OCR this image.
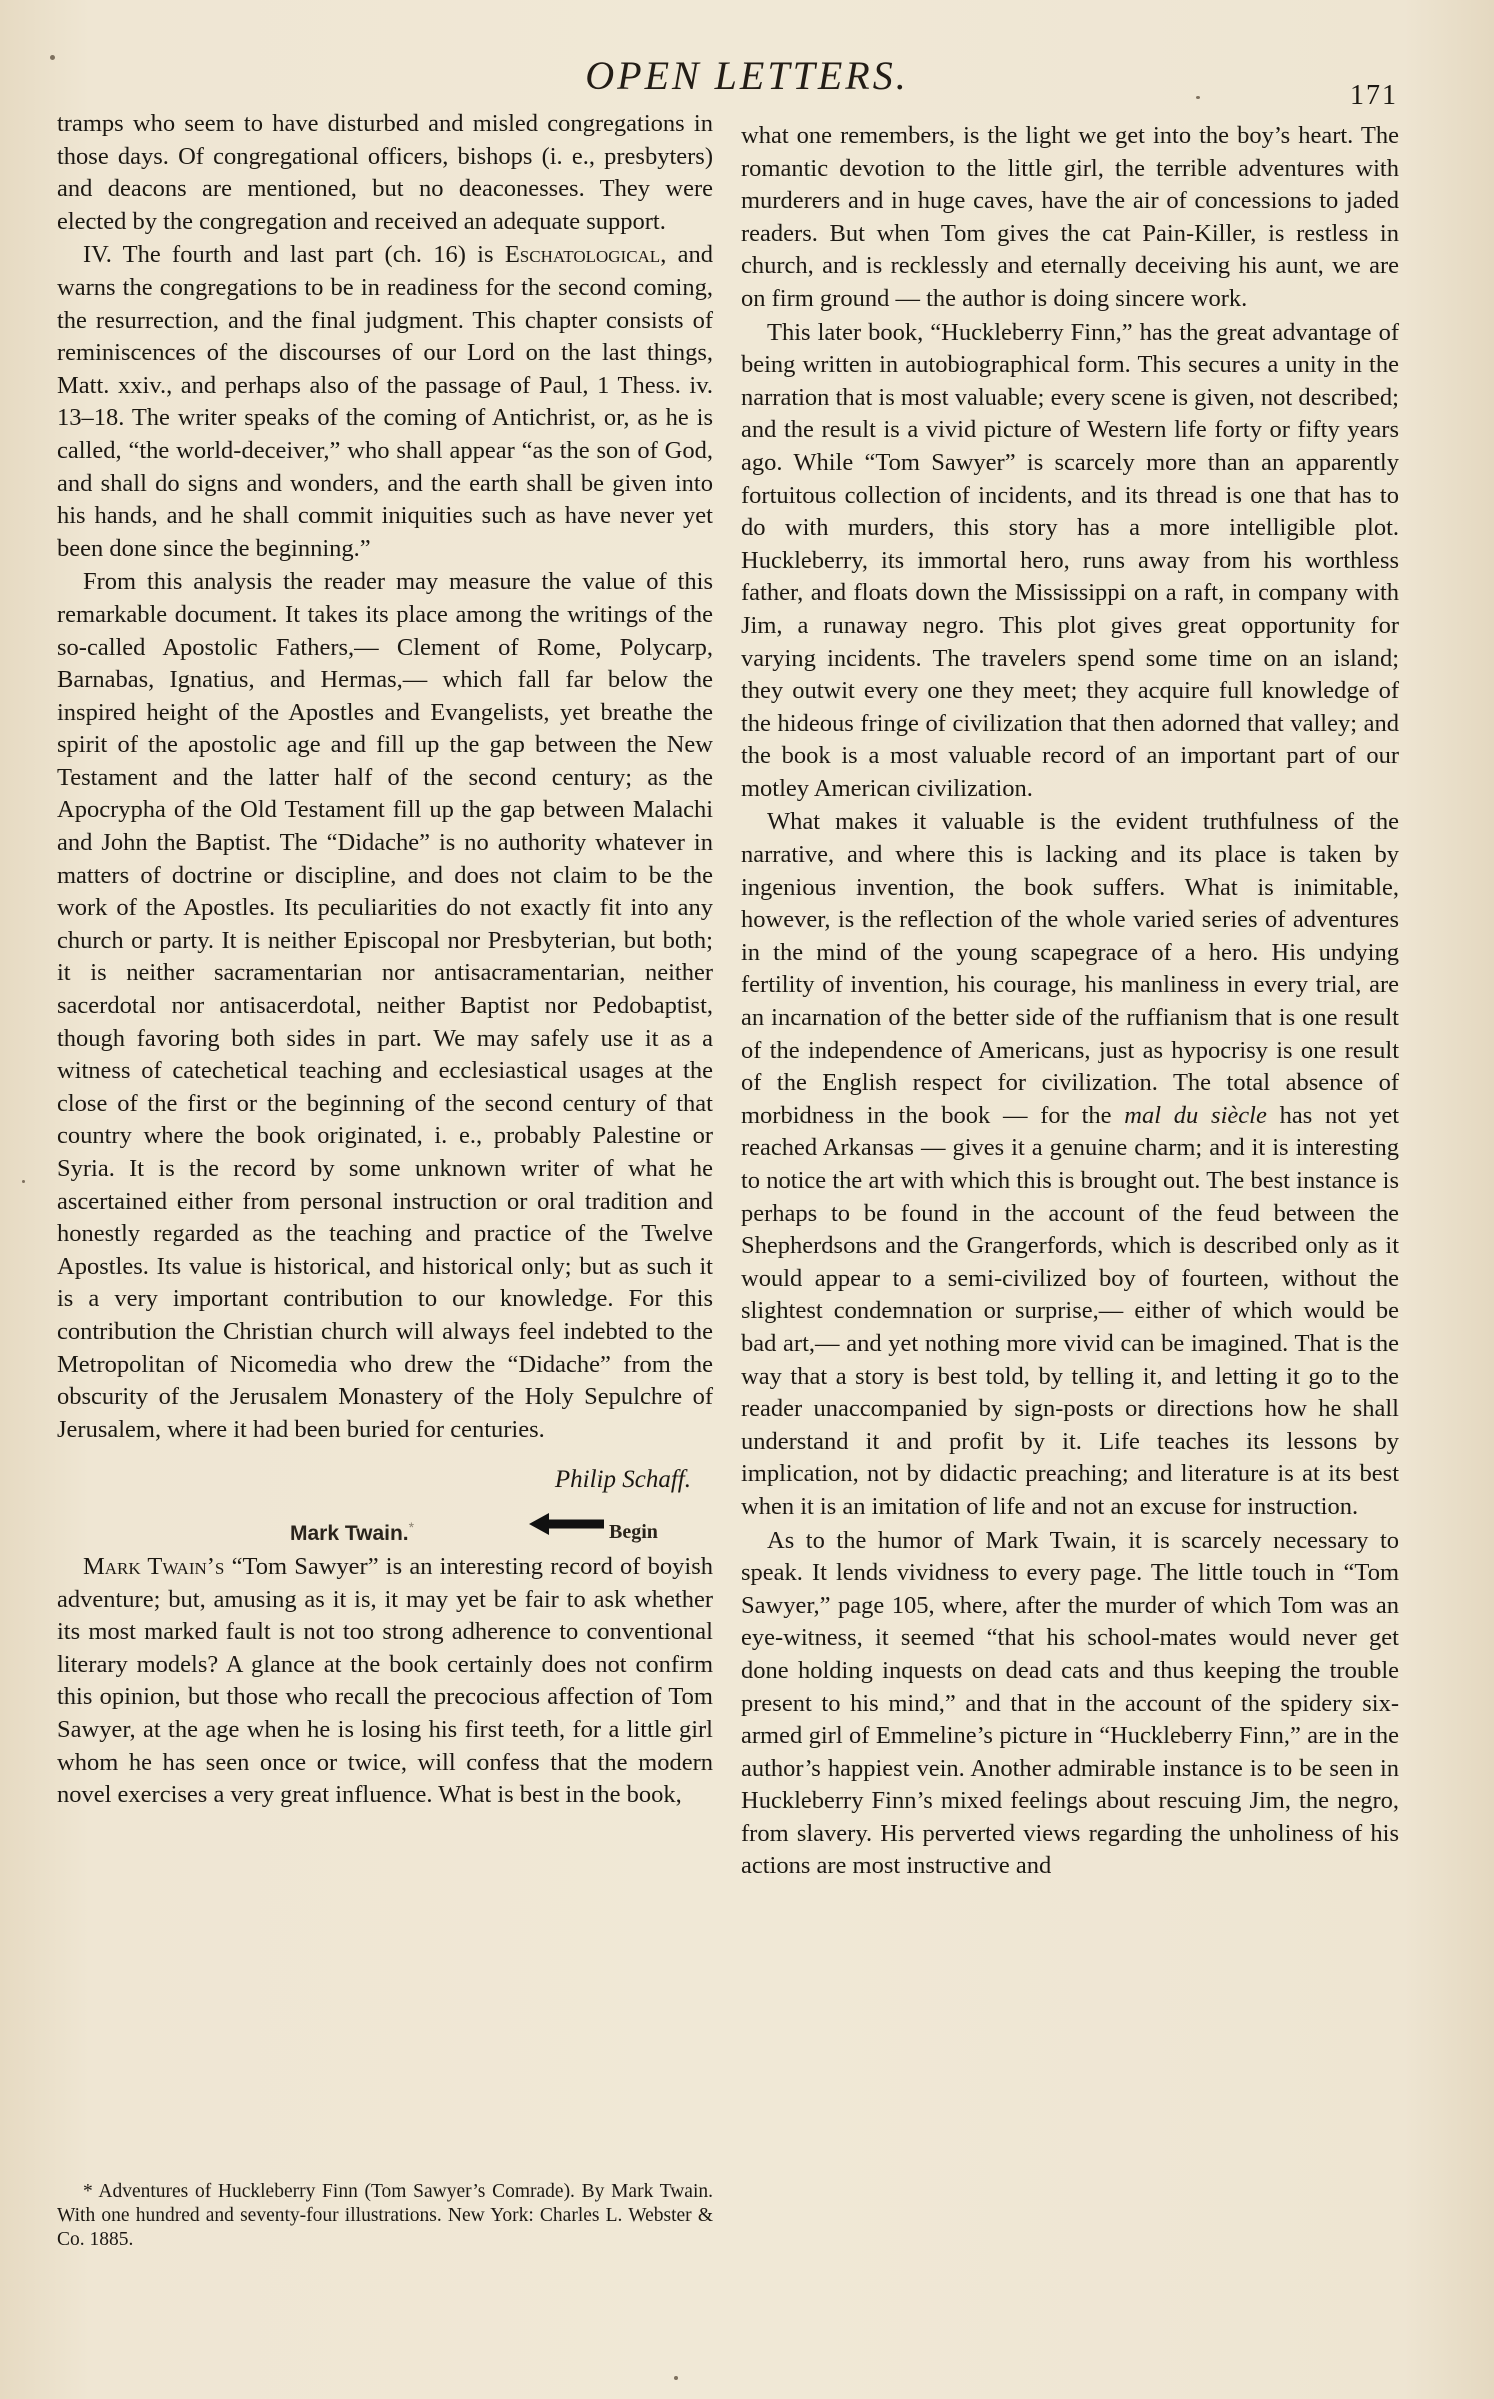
OPEN LETTERS.	171

tramps who seem to have disturbed and misled congregations in those days. Of congregational officers, bishops (i. e., presbyters) and deacons are mentioned, but no deaconesses. They were elected by the congregation and received an adequate support.

IV. The fourth and last part (ch. 16) is Eschatological, and warns the congregations to be in readiness for the second coming, the resurrection, and the final judgment. This chapter consists of reminiscences of the discourses of our Lord on the last things, Matt. xxiv., and perhaps also of the passage of Paul, 1 Thess. iv. 13–18. The writer speaks of the coming of Antichrist, or, as he is called, “the world-deceiver,” who shall appear “as the son of God, and shall do signs and wonders, and the earth shall be given into his hands, and he shall commit iniquities such as have never yet been done since the beginning.”

From this analysis the reader may measure the value of this remarkable document. It takes its place among the writings of the so-called Apostolic Fathers,— Clement of Rome, Polycarp, Barnabas, Ignatius, and Hermas,— which fall far below the inspired height of the Apostles and Evangelists, yet breathe the spirit of the apostolic age and fill up the gap between the New Testament and the latter half of the second century; as the Apocrypha of the Old Testament fill up the gap between Malachi and John the Baptist. The “Didache” is no authority whatever in matters of doctrine or discipline, and does not claim to be the work of the Apostles. Its peculiarities do not exactly fit into any church or party. It is neither Episcopal nor Presbyterian, but both; it is neither sacramentarian nor antisacramentarian, neither sacerdotal nor antisacerdotal, neither Baptist nor Pedobaptist, though favoring both sides in part. We may safely use it as a witness of catechetical teaching and ecclesiastical usages at the close of the first or the beginning of the second century of that country where the book originated, i. e., probably Palestine or Syria. It is the record by some unknown writer of what he ascertained either from personal instruction or oral tradition and honestly regarded as the teaching and practice of the Twelve Apostles. Its value is historical, and historical only; but as such it is a very important contribution to our knowledge. For this contribution the Christian church will always feel indebted to the Metropolitan of Nicomedia who drew the “Didache” from the obscurity of the Jerusalem Monastery of the Holy Sepulchre of Jerusalem, where it had been buried for centuries.

Philip Schaff.
Mark Twain.*	Begin

Mark Twain’s “Tom Sawyer” is an interesting record of boyish adventure; but, amusing as it is, it may yet be fair to ask whether its most marked fault is not too strong adherence to conventional literary models? A glance at the book certainly does not confirm this opinion, but those who recall the precocious affection of Tom Sawyer, at the age when he is losing his first teeth, for a little girl whom he has seen once or twice, will confess that the modern novel exercises a very great influence. What is best in the book,

* Adventures of Huckleberry Finn (Tom Sawyer’s Comrade). By Mark Twain. With one hundred and seventy-four illustrations. New York: Charles L. Webster & Co. 1885.

what one remembers, is the light we get into the boy’s heart. The romantic devotion to the little girl, the terrible adventures with murderers and in huge caves, have the air of concessions to jaded readers. But when Tom gives the cat Pain-Killer, is restless in church, and is recklessly and eternally deceiving his aunt, we are on firm ground — the author is doing sincere work.

This later book, “Huckleberry Finn,” has the great advantage of being written in autobiographical form. This secures a unity in the narration that is most valuable; every scene is given, not described; and the result is a vivid picture of Western life forty or fifty years ago. While “Tom Sawyer” is scarcely more than an apparently fortuitous collection of incidents, and its thread is one that has to do with murders, this story has a more intelligible plot. Huckleberry, its immortal hero, runs away from his worthless father, and floats down the Mississippi on a raft, in company with Jim, a runaway negro. This plot gives great opportunity for varying incidents. The travelers spend some time on an island; they outwit every one they meet; they acquire full knowledge of the hideous fringe of civilization that then adorned that valley; and the book is a most valuable record of an important part of our motley American civilization.

What makes it valuable is the evident truthfulness of the narrative, and where this is lacking and its place is taken by ingenious invention, the book suffers. What is inimitable, however, is the reflection of the whole varied series of adventures in the mind of the young scapegrace of a hero. His undying fertility of invention, his courage, his manliness in every trial, are an incarnation of the better side of the ruffianism that is one result of the independence of Americans, just as hypocrisy is one result of the English respect for civilization. The total absence of morbidness in the book — for the mal du siècle has not yet reached Arkansas — gives it a genuine charm; and it is interesting to notice the art with which this is brought out. The best instance is perhaps to be found in the account of the feud between the Shepherdsons and the Grangerfords, which is described only as it would appear to a semi-civilized boy of fourteen, without the slightest condemnation or surprise,— either of which would be bad art,— and yet nothing more vivid can be imagined. That is the way that a story is best told, by telling it, and letting it go to the reader unaccompanied by sign-posts or directions how he shall understand it and profit by it. Life teaches its lessons by implication, not by didactic preaching; and literature is at its best when it is an imitation of life and not an excuse for instruction.

As to the humor of Mark Twain, it is scarcely necessary to speak. It lends vividness to every page. The little touch in “Tom Sawyer,” page 105, where, after the murder of which Tom was an eye-witness, it seemed “that his school-mates would never get done holding inquests on dead cats and thus keeping the trouble present to his mind,” and that in the account of the spidery six-armed girl of Emmeline’s picture in “Huckleberry Finn,” are in the author’s happiest vein. Another admirable instance is to be seen in Huckleberry Finn’s mixed feelings about rescuing Jim, the negro, from slavery. His perverted views regarding the unholiness of his actions are most instructive and
